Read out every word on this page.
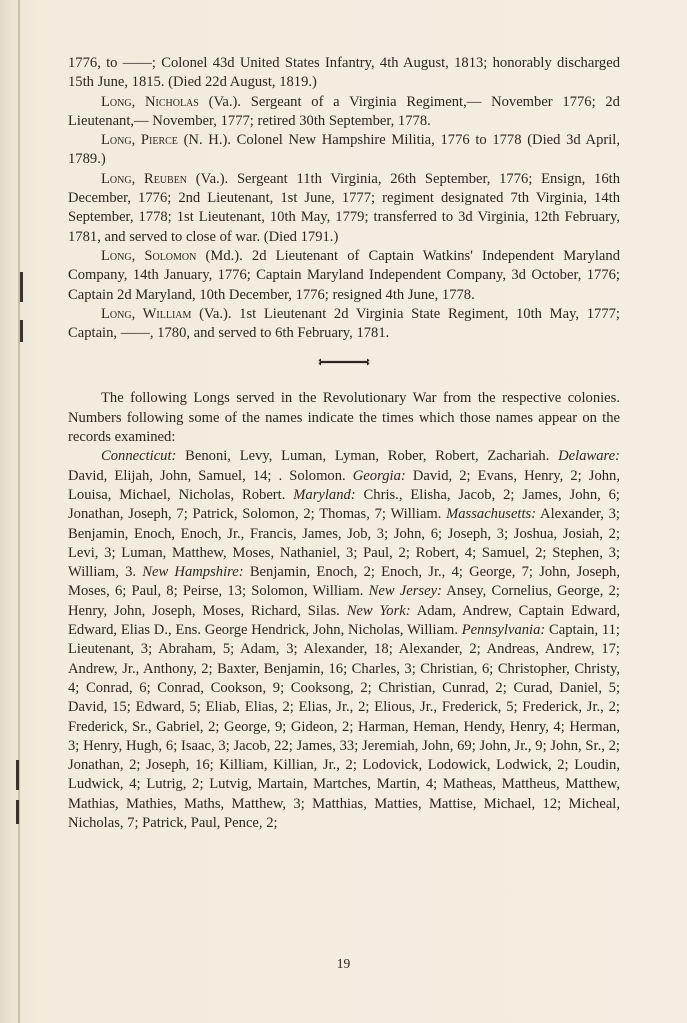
1776, to ——; Colonel 43d United States Infantry, 4th August, 1813; honorably discharged 15th June, 1815. (Died 22d August, 1819.)

Long, Nicholas (Va.). Sergeant of a Virginia Regiment,— November 1776; 2d Lieutenant,— November, 1777; retired 30th September, 1778.

Long, Pierce (N. H.). Colonel New Hampshire Militia, 1776 to 1778 (Died 3d April, 1789.)

Long, Reuben (Va.). Sergeant 11th Virginia, 26th September, 1776; Ensign, 16th December, 1776; 2nd Lieutenant, 1st June, 1777; regiment designated 7th Virginia, 14th September, 1778; 1st Lieutenant, 10th May, 1779; transferred to 3d Virginia, 12th February, 1781, and served to close of war. (Died 1791.)

Long, Solomon (Md.). 2d Lieutenant of Captain Watkins' Independent Maryland Company, 14th January, 1776; Captain Maryland Independent Company, 3d October, 1776; Captain 2d Maryland, 10th December, 1776; resigned 4th June, 1778.

Long, William (Va.). 1st Lieutenant 2d Virginia State Regiment, 10th May, 1777; Captain, ——, 1780, and served to 6th February, 1781.

The following Longs served in the Revolutionary War from the respective colonies. Numbers following some of the names indicate the times which those names appear on the records examined:

Connecticut: Benoni, Levy, Luman, Lyman, Rober, Robert, Zachariah. Delaware: David, Elijah, John, Samuel, 14; . Solomon. Georgia: David, 2; Evans, Henry, 2; John, Louisa, Michael, Nicholas, Robert. Maryland: Chris., Elisha, Jacob, 2; James, John, 6; Jonathan, Joseph, 7; Patrick, Solomon, 2; Thomas, 7; William. Massachusetts: Alexander, 3; Benjamin, Enoch, Enoch, Jr., Francis, James, Job, 3; John, 6; Joseph, 3; Joshua, Josiah, 2; Levi, 3; Luman, Matthew, Moses, Nathaniel, 3; Paul, 2; Robert, 4; Samuel, 2; Stephen, 3; William, 3. New Hampshire: Benjamin, Enoch, 2; Enoch, Jr., 4; George, 7; John, Joseph, Moses, 6; Paul, 8; Peirse, 13; Solomon, William. New Jersey: Ansey, Cornelius, George, 2; Henry, John, Joseph, Moses, Richard, Silas. New York: Adam, Andrew, Captain Edward, Edward, Elias D., Ens. George Hendrick, John, Nicholas, William. Pennsylvania: Captain, 11; Lieutenant, 3; Abraham, 5; Adam, 3; Alexander, 18; Alexander, 2; Andreas, Andrew, 17; Andrew, Jr., Anthony, 2; Baxter, Benjamin, 16; Charles, 3; Christian, 6; Christopher, Christy, 4; Conrad, 6; Conrad, Cookson, 9; Cooksong, 2; Christian, Cunrad, 2; Curad, Daniel, 5; David, 15; Edward, 5; Eliab, Elias, 2; Elias, Jr., 2; Elious, Jr., Frederick, 5; Frederick, Jr., 2; Frederick, Sr., Gabriel, 2; George, 9; Gideon, 2; Harman, Heman, Hendy, Henry, 4; Herman, 3; Henry, Hugh, 6; Isaac, 3; Jacob, 22; James, 33; Jeremiah, John, 69; John, Jr., 9; John, Sr., 2; Jonathan, 2; Joseph, 16; Killiam, Killian, Jr., 2; Lodovick, Lodowick, Lodwick, 2; Loudin, Ludwick, 4; Lutrig, 2; Lutvig, Martain, Martches, Martin, 4; Matheas, Mattheus, Matthew, Mathias, Mathies, Maths, Matthew, 3; Matthias, Matties, Mattise, Michael, 12; Micheal, Nicholas, 7; Patrick, Paul, Pence, 2;

19
